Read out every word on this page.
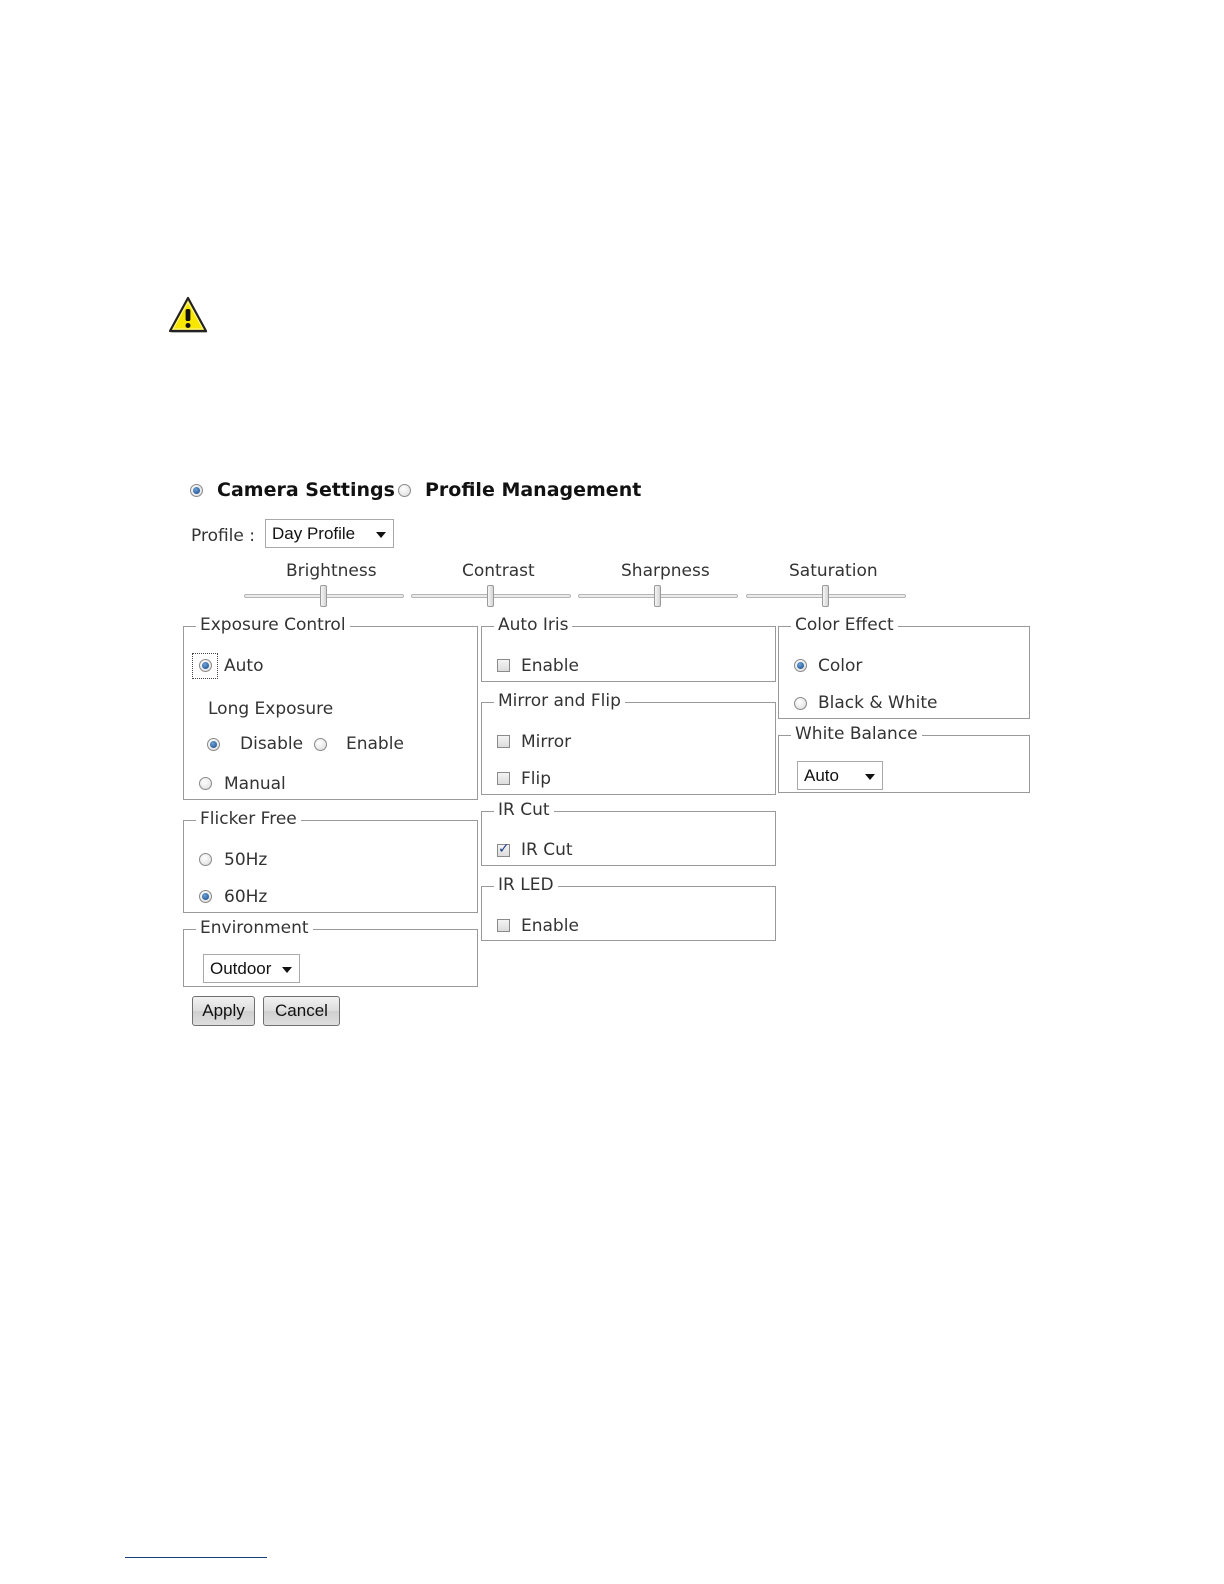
Camera Settings Profile Management
Profile :	Day Profile
Brightness	Contrast	Sharpness	Saturation
Exposure Control
Auto
Long Exposure
Disable	Enable
Manual
Flicker Free
50Hz
60Hz
Environment
Outdoor
Apply	Cancel
Auto Iris
Enable
Mirror and Flip
Mirror
Flip
IR Cut
✓
IR Cut
IR LED
Enable
Color Effect
Color
Black & White
White Balance
Auto
